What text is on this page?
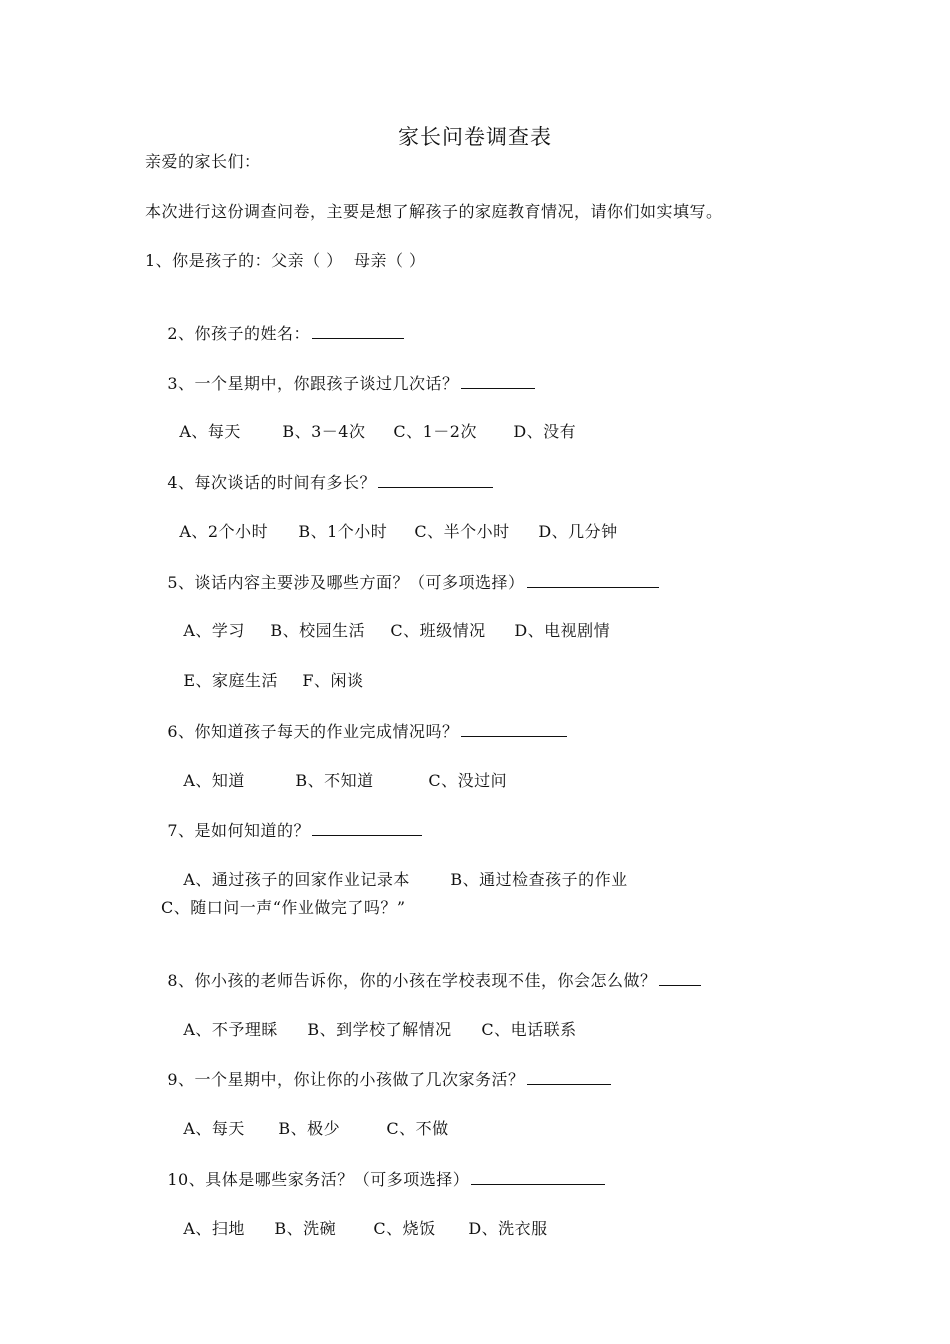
家长问卷调查表
亲爱的家长们：
本次进行这份调查问卷，主要是想了解孩子的家庭教育情况，请你们如实填写。
1、你是孩子的：父亲（ ）  母亲（ ）

2、你孩子的姓名：

3、一个星期中，你跟孩子谈过几次话？

A、每天	B、3－4次 C、1－2次 D、没有

4、每次谈话的时间有多长？

A、2个小时 B、1个小时 C、半个小时 D、几分钟

5、谈话内容主要涉及哪些方面？（可多项选择）

A、学习 B、校园生活 C、班级情况 D、电视剧情

E、家庭生活 F、闲谈

6、你知道孩子每天的作业完成情况吗？

A、知道	B、不知道	C、没过问

7、是如何知道的？

A、通过孩子的回家作业记录本	B、通过检查孩子的作业

C、随口问一声“作业做完了吗？”

8、你小孩的老师告诉你，你的小孩在学校表现不佳，你会怎么做？

A、不予理睬 B、到学校了解情况 C、电话联系

9、一个星期中，你让你的小孩做了几次家务活？

A、每天 B、极少	C、不做

10、具体是哪些家务活？（可多项选择）

A、扫地 B、洗碗 C、烧饭 D、洗衣服
